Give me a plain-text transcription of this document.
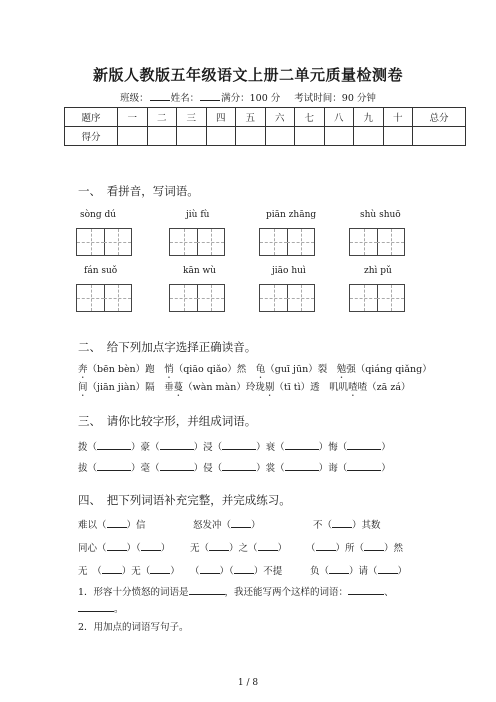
新版人教版五年级语文上册二单元质量检测卷
班级： 姓名： 满分：100 分 考试时间：90 分钟
题序	一	二	三	四	五	六	七	八	九	十	总分
得分											
一、　看拼音，写词语。
sòng dú	jiù fù	piān zhāng	shù shuō
fán suǒ	kān wù	jiāo huì	zhì pǔ
二、　给下列加点字选择正确读音。
奔（bēn bèn）跑　悄（qiāo qiǎo）然　龟（guī jūn）裂　勉强（qiáng qiǎng）
间（jiān jiàn）隔　垂蔓（wàn màn）玲珑剔（tī tì）透　叽叽喳喳（zā zá）
三、　请你比较字形，并组成词语。
拨（	）豪（	）浸（	）衰（	）悔（	）
拔（	）毫（	）侵（	）裳（	）诲（	）
四、　把下列词语补充完整，并完成练习。
难以（ ）信	怒发冲（ ）	不（ ）其数
同心（ ）（ ） 无（ ）之（ ） （ ）所（ ）然
无　（ ）无（ ） （ ）（ ）不提	负（ ）请（ ）
1．形容十分愤怒的词语是	，我还能写两个这样的词语：	、
。
2．用加点的词语写句子。
1 / 8
